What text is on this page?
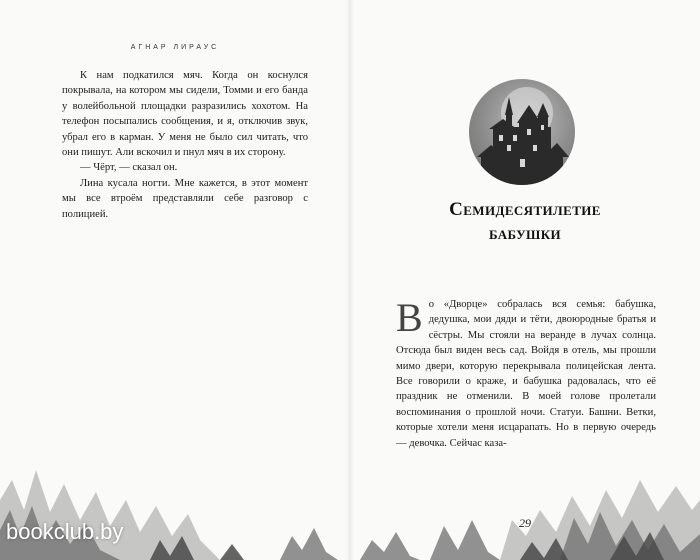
АГНАР ЛИРАУС

К нам подкатился мяч. Когда он коснулся покрывала, на котором мы сидели, Томми и его банда у волейбольной площадки разразились хохотом. На телефон посыпались сообщения, и я, отключив звук, убрал его в карман. У меня не было сил читать, что они пишут. Али вскочил и пнул мяч в их сторону.

— Чёрт, — сказал он.

Лина кусала ногти. Мне кажется, в этот момент мы все втроём представляли себе разговор с полицией.

Во «Дворце» собралась вся семья: бабушка, дедушка, мои дяди и тёти, двоюродные братья и сёстры. Мы стояли на веранде в лучах солнца. Отсюда был виден весь сад. Войдя в отель, мы прошли мимо двери, которую перекрывала полицейская лента. Все говорили о краже, и бабушка радовалась, что её праздник не отменили. В моей голове пролетали воспоминания о прошлой ночи. Статуи. Башни. Ветки, которые хотели меня исцарапать. Но в первую очередь — девочка. Сейчас каза-

Семидесятилетие
бабушки
29
bookclub.by
